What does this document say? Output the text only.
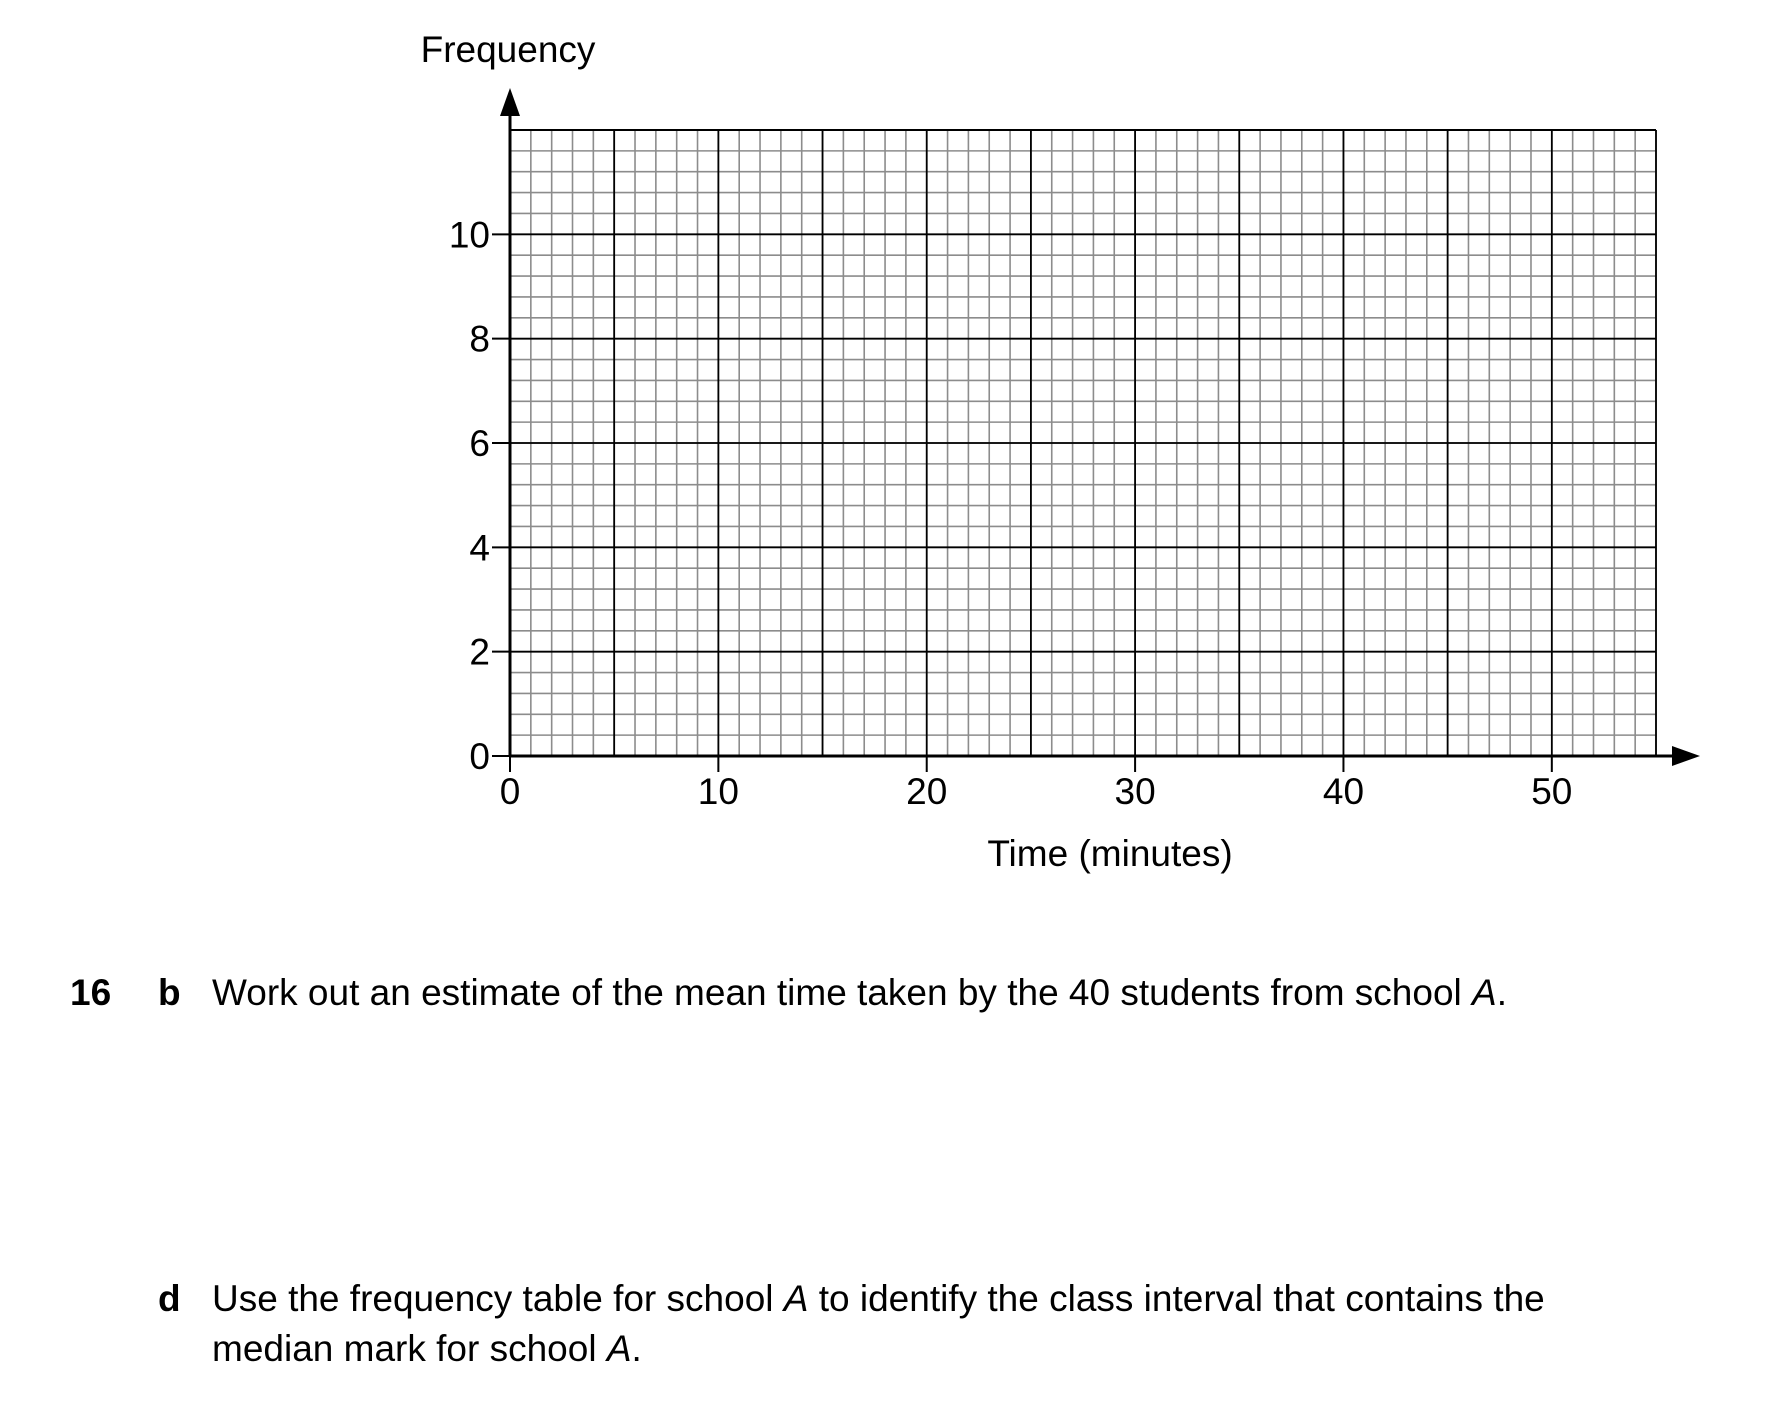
0
2
4
6
8
10
0	10	20	30	40	50
Frequency
Time (minutes)
16 b Work out an estimate of the mean time taken by the 40 students from school A.
d Use the frequency table for school A to identify the class interval that contains the
median mark for school A.
